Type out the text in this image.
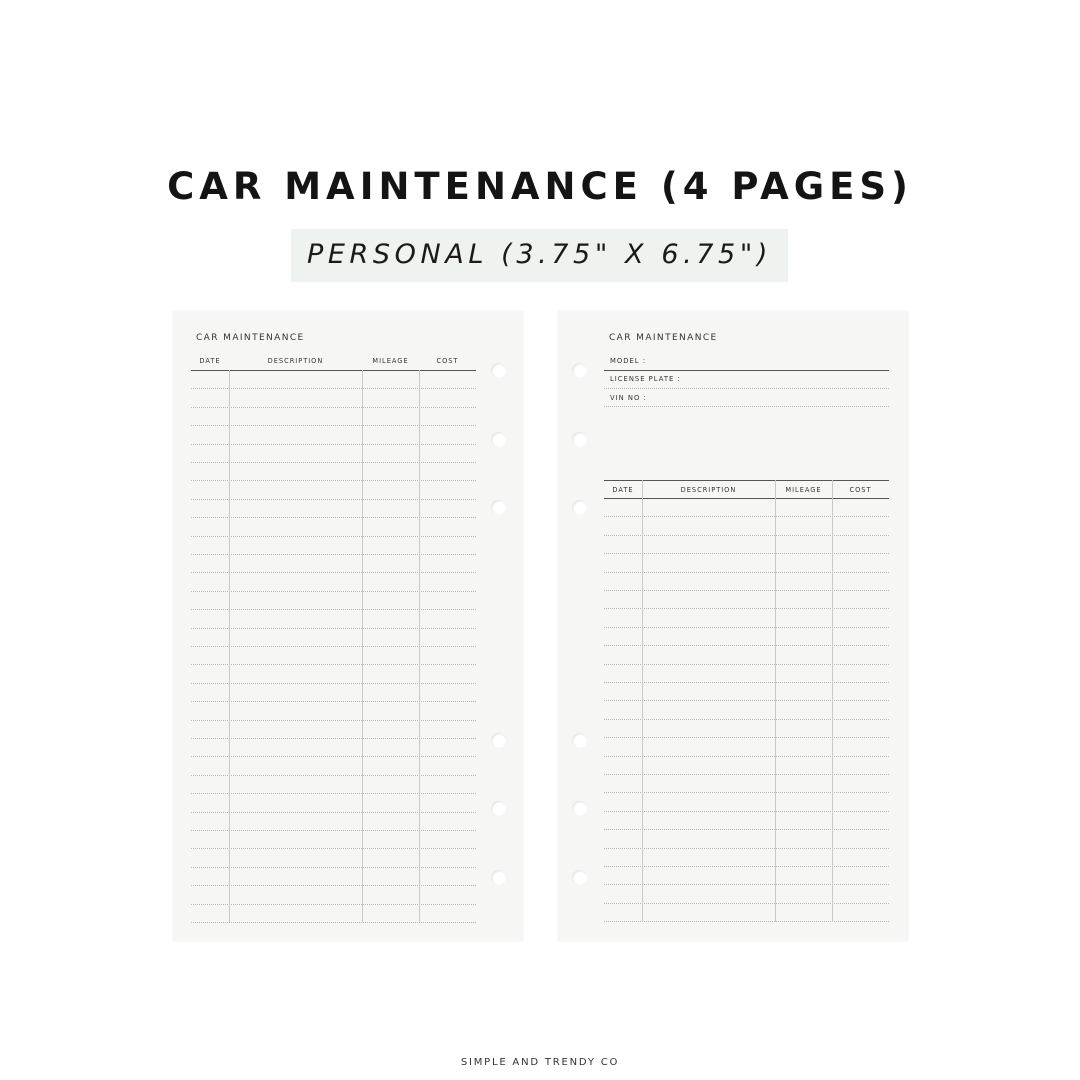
CAR MAINTENANCE (4 PAGES)
PERSONAL (3.75" X 6.75")
CAR MAINTENANCE
DATE	DESCRIPTION	MILEAGE	COST
CAR MAINTENANCE
MODEL :
LICENSE PLATE :
VIN NO :
DATE	DESCRIPTION	MILEAGE	COST
SIMPLE AND TRENDY CO
